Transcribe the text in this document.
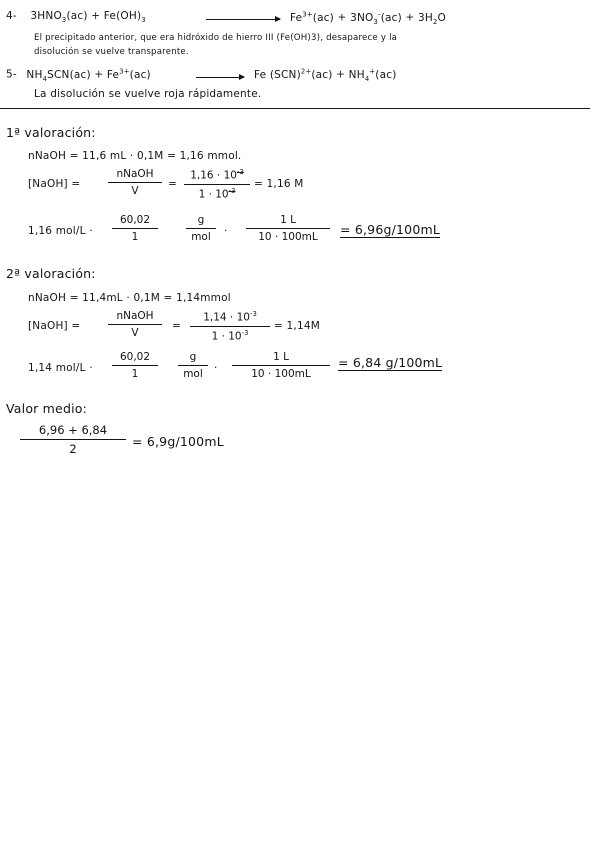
4- $3HNO_3(ac) + Fe(OH)_3$	$Fe^{3+}(ac) + 3NO_3^-(ac) + 3H_2O$
El precipitado anterior, que era hidróxido de hierro III (Fe(OH)3), desaparece y la
disolución se vuelve transparente.
5- $NH_4SCN(ac) + Fe^{3+}(ac)$	→ Fe $(SCN)^{2+}(ac) + NH_4^+(ac)$
La disolución se vuelve roja rápidamente.
1ª valoración:
nNaOH = 11,6 mL · 0,1M = 1,16 mmol.
[NaOH] =
nNaOH
V
=
$1,16 \cdot 10^{-3}$
$1 \cdot 10^{-3}$
= 1,16 M
1,16 mol/L ·
60,02
1
g
mol	·
1 L
10 · 100mL	= 6,96g/100mL
2ª valoración:
nNaOH = 11,4mL · 0,1M = 1,14mmol
[NaOH] =
nNaOH
V
=
$1,14 \cdot 10^{-3}$
$1 \cdot 10^{-3}$
= 1,14M
1,14 mol/L ·
60,02
1
g
mol	·
1 L
10 · 100mL
= 6,84 g/100mL
Valor medio:
6,96 + 6,84
2	= 6,9g/100mL
